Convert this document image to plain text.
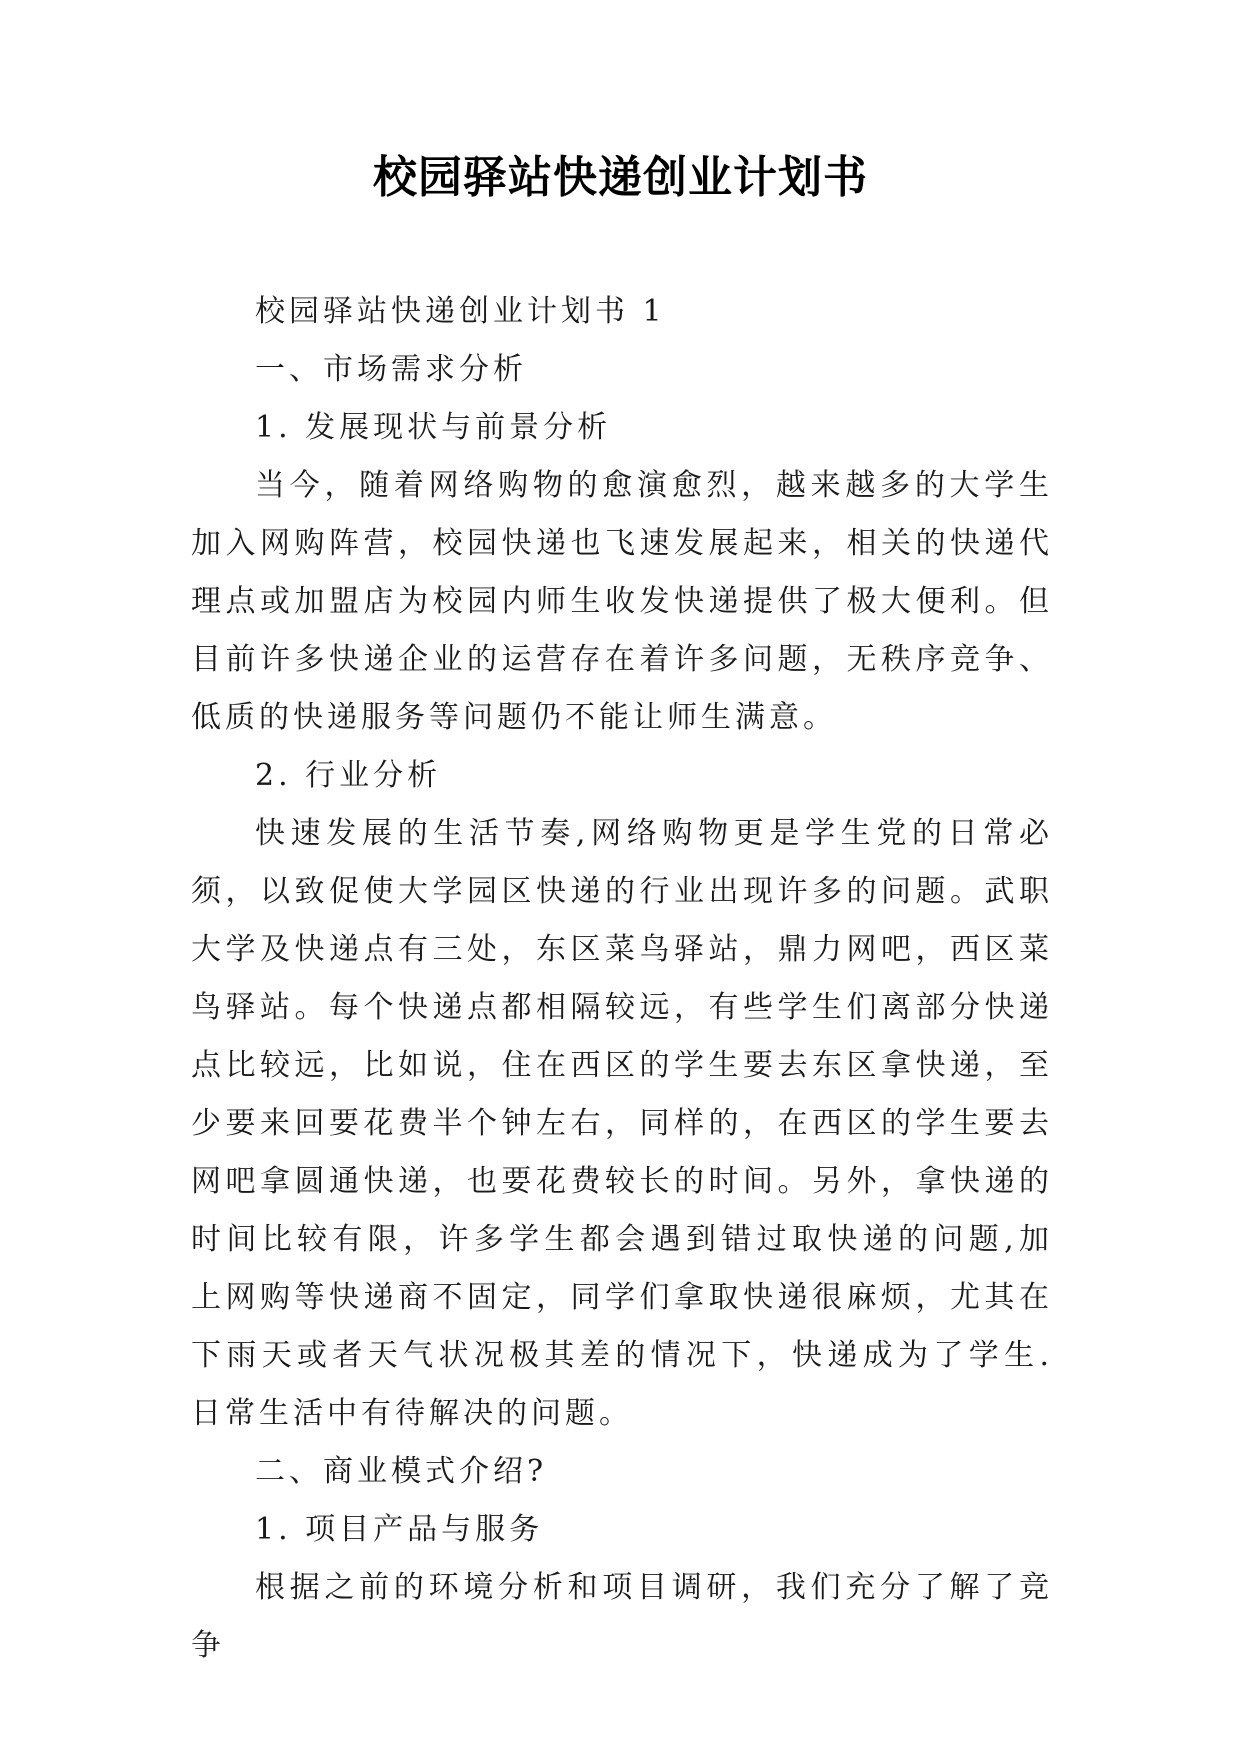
校园驿站快递创业计划书

校园驿站快递创业计划书 1

一、市场需求分析

1. 发展现状与前景分析

当今，随着网络购物的愈演愈烈，越来越多的大学生加入网购阵营，校园快递也飞速发展起来，相关的快递代理点或加盟店为校园内师生收发快递提供了极大便利。但目前许多快递企业的运营存在着许多问题，无秩序竞争、低质的快递服务等问题仍不能让师生满意。

2. 行业分析

快速发展的生活节奏,网络购物更是学生党的日常必须，以致促使大学园区快递的行业出现许多的问题。武职大学及快递点有三处，东区菜鸟驿站，鼎力网吧，西区菜鸟驿站。每个快递点都相隔较远，有些学生们离部分快递点比较远，比如说，住在西区的学生要去东区拿快递，至少要来回要花费半个钟左右，同样的，在西区的学生要去网吧拿圆通快递，也要花费较长的时间。另外，拿快递的时间比较有限，许多学生都会遇到错过取快递的问题,加上网购等快递商不固定，同学们拿取快递很麻烦，尤其在下雨天或者天气状况极其差的情况下，快递成为了学生.日常生活中有待解决的问题。

二、商业模式介绍?

1. 项目产品与服务

根据之前的环境分析和项目调研，我们充分了解了竞争
